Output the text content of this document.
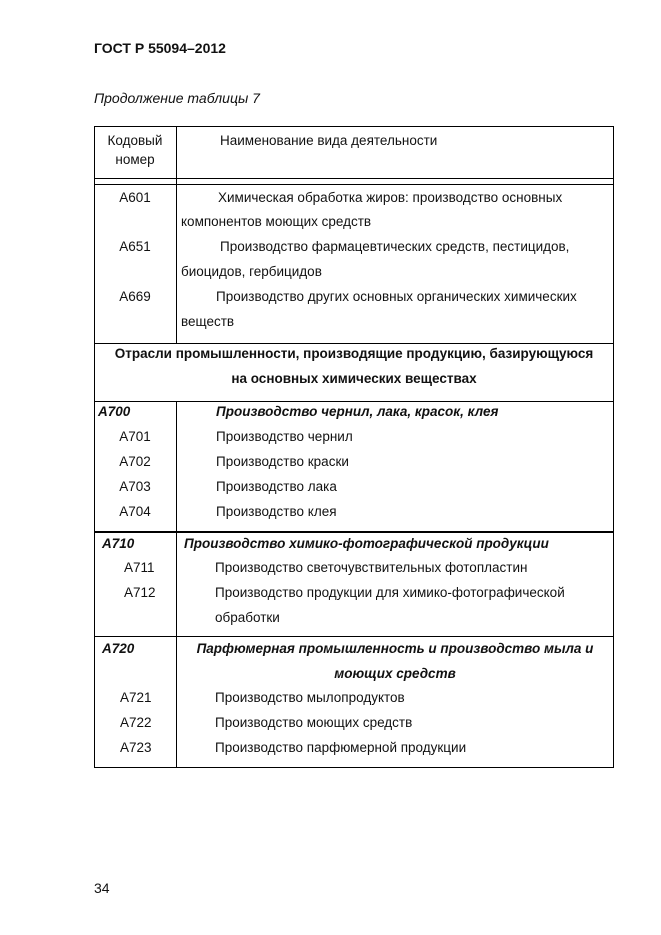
ГОСТ Р 55094–2012
Продолжение таблицы 7
Кодовый
номер
Наименование вида деятельности
A601	Химическая обработка жиров: производство основных
компонентов моющих средств
A651	Производство фармацевтических средств, пестицидов,
биоцидов, гербицидов
A669	Производство других основных органических химических
веществ
Отрасли промышленности, производящие продукцию, базирующуюся
на основных химических веществах
A700	Производство чернил, лака, красок, клея
A701	Производство чернил
A702	Производство краски
A703	Производство лака
A704	Производство клея
A710	Производство химико-фотографической продукции
A711	Производство светочувствительных фотопластин
A712	Производство продукции для химико-фотографической
обработки
A720	Парфюмерная промышленность и производство мыла и
моющих средств
A721	Производство мылопродуктов
A722	Производство моющих средств
A723	Производство парфюмерной продукции
34
